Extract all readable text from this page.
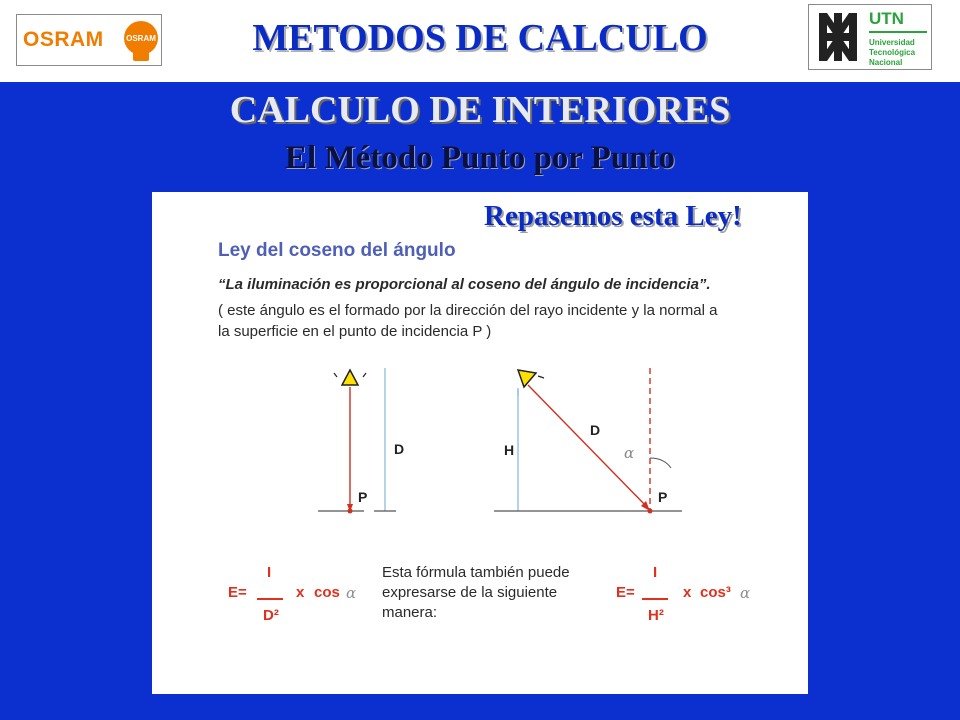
OSRAM	OSRAM	METODOS DE CALCULO	UTN
Universidad
Tecnológica
Nacional
CALCULO DE INTERIORES
El Método Punto por Punto
Ley del coseno del ángulo
“La iluminación es proporcional al coseno del ángulo de incidencia”.
( este ángulo es el formado por la dirección del rayo incidente y la normal a
la superficie en el punto de incidencia P )
D
P
H
D
α
P
Repasemos esta Ley!
E=
I
D²
x cos α
Esta fórmula también puede
expresarse de la siguiente
manera:
E=
I
H²
x cos³ α
